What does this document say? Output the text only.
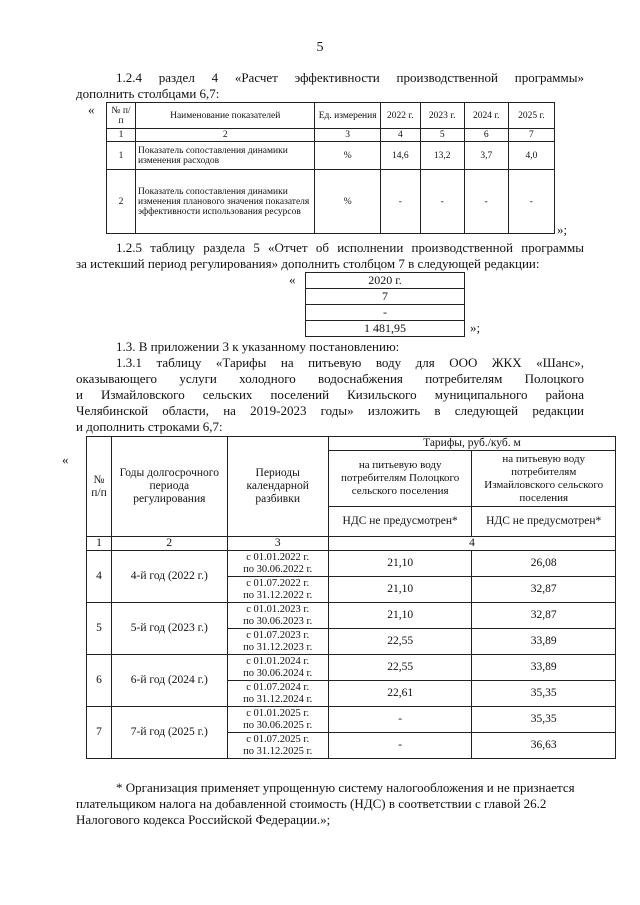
5
1.2.4 раздел 4 «Расчет эффективности производственной программы»
дополнить столбцами 6,7:
« № п/п	Наименование показателей	Ед. измерения	2022 г.	2023 г.	2024 г.	2025 г.
1	2	3	4	5	6	7
1	Показатель сопоставления динамики изменения расходов	%	14,6	13,2	3,7	4,0
2	Показатель сопоставления динамики изменения планового значения показателя эффективности использования ресурсов	%	-	-	-	-
»;
1.2.5 таблицу раздела 5 «Отчет об исполнении производственной программы
за истекший период регулирования» дополнить столбцом 7 в следующей редакции:
«	2020 г.
7
-
1 481,95	»;
1.3. В приложении 3 к указанному постановлению:
1.3.1 таблицу «Тарифы на питьевую воду для ООО ЖКХ «Шанс»,
оказывающего услуги холодного водоснабжения потребителям Полоцкого
и Измайловского сельских поселений Кизильского муниципального района
Челябинской области, на 2019-2023 годы» изложить в следующей редакции
и дополнить строками 6,7:
«
№ п/п	Годы долгосрочного периода регулирования	Периоды календарной разбивки	Тарифы, руб./куб. м	
			на питьевую воду потребителям Полоцкого сельского поселения	на питьевую воду потребителям Измайловского сельского поселения
			НДС не предусмотрен*	НДС не предусмотрен*
1	2	3	4	
4	4-й год (2022 г.)	с 01.01.2022 г.
по 30.06.2022 г.	21,10	26,08
		с 01.07.2022 г.
по 31.12.2022 г.	21,10	32,87
5	5-й год (2023 г.)	с 01.01.2023 г.
по 30.06.2023 г.	21,10	32,87
		с 01.07.2023 г.
по 31.12.2023 г.	22,55	33,89
6	6-й год (2024 г.)	с 01.01.2024 г.
по 30.06.2024 г.	22,55	33,89
		с 01.07.2024 г.
по 31.12.2024 г.	22,61	35,35
7	7-й год (2025 г.)	с 01.01.2025 г.
по 30.06.2025 г.	-	35,35
		с 01.07.2025 г.
по 31.12.2025 г.	-	36,63
* Организация применяет упрощенную систему налогообложения и не признается
плательщиком налога на добавленной стоимость (НДС) в соответствии с главой 26.2
Налогового кодекса Российской Федерации.»;
